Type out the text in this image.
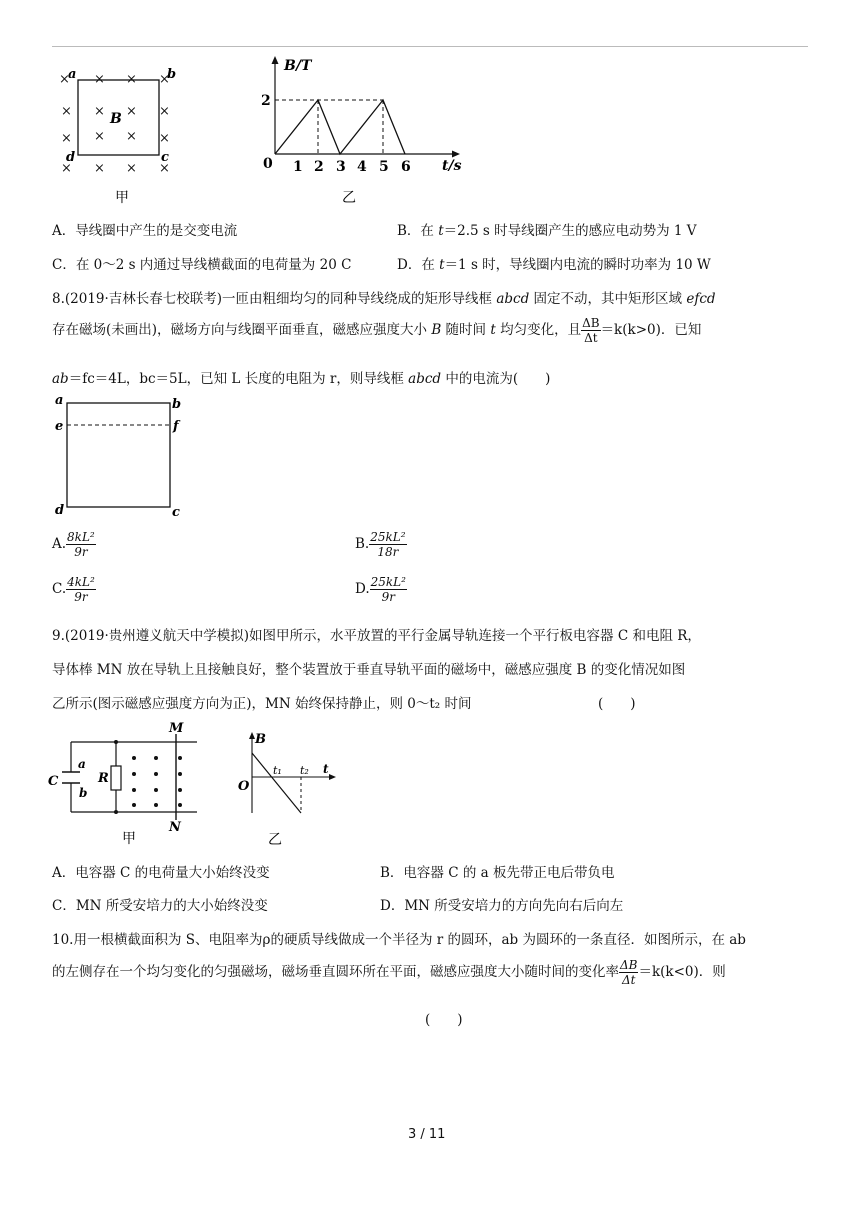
a	b
d	c
B
× × × ×
× × × ×
×
×	× ×
× × × ×
甲
B/T
t/s
0
2
1 2 3 4 5 6
乙
A．导线圈中产生的是交变电流	B．在 t＝2.5 s 时导线圈产生的感应电动势为 1 V
C．在 0～2 s 内通过导线横截面的电荷量为 20 C	D．在 t＝1 s 时，导线圈内电流的瞬时功率为 10 W
8.(2019·吉林长春七校联考)一匝由粗细均匀的同种导线绕成的矩形导线框 abcd 固定不动，其中矩形区域 efcd
存在磁场(未画出)，磁场方向与线圈平面垂直，磁感应强度大小 B 随时间 t 均匀变化，且 $\frac{\Delta B}{\Delta t} =k(k>0)$．已知
ab＝fc＝4L，bc＝5L，已知 L 长度的电阻为 r，则导线框 abcd 中的电流为(　　)
a	b
e	f
d	c
A. $\frac{\text{8kL²}}{9r}$	B. $\frac{\text{25kL²}}{18r}$
C. $\frac{\text{4kL²}}{9r}$	D. $\frac{\text{25kL²}}{9r}$
9.(2019·贵州遵义航天中学模拟)如图甲所示，水平放置的平行金属导轨连接一个平行板电容器 C 和电阻 R，
导体棒 MN 放在导轨上且接触良好，整个装置放于垂直导轨平面的磁场中，磁感应强度 B 的变化情况如图
乙所示(图示磁感应强度方向为正)，MN 始终保持静止，则 0～t₂ 时间	(　　)
C
a
b
R
M
N
甲
B
O
t₁ t₂ t
乙
A．电容器 C 的电荷量大小始终没变	B．电容器 C 的 a 板先带正电后带负电
C．MN 所受安培力的大小始终没变	D．MN 所受安培力的方向先向右后向左
10.用一根横截面积为 S、电阻率为ρ的硬质导线做成一个半径为 r 的圆环，ab 为圆环的一条直径．如图所示，在 ab
的左侧存在一个均匀变化的匀强磁场，磁场垂直圆环所在平面，磁感应强度大小随时间的变化率 $\frac{\Delta B}{\Delta t} =k(k<0)$．则
(　　)
3 / 11
